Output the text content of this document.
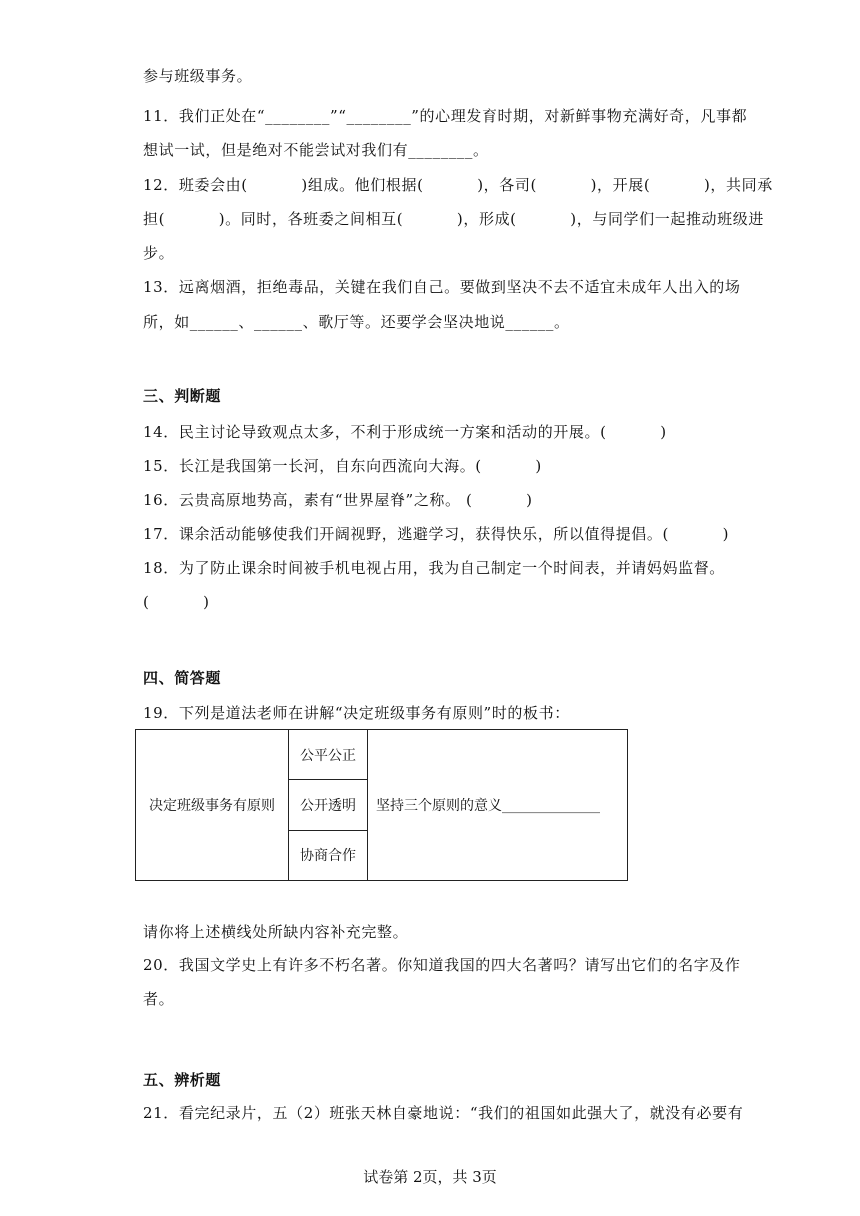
参与班级事务。
11．我们正处在“________”“________”的心理发育时期，对新鲜事物充满好奇，凡事都
想试一试，但是绝对不能尝试对我们有________。
12．班委会由(          )组成。他们根据(          )，各司(          )，开展(          )，共同承
担(          )。同时，各班委之间相互(          )，形成(          )，与同学们一起推动班级进
步。
13．远离烟酒，拒绝毒品，关键在我们自己。要做到坚决不去不适宜未成年人出入的场
所，如______、______、歌厅等。还要学会坚决地说______。
三、判断题
14．民主讨论导致观点太多，不利于形成统一方案和活动的开展。(          )
15．长江是我国第一长河，自东向西流向大海。(          )
16．云贵高原地势高，素有“世界屋脊”之称。 (          )
17．课余活动能够使我们开阔视野，逃避学习，获得快乐，所以值得提倡。(          )
18．为了防止课余时间被手机电视占用，我为自己制定一个时间表，并请妈妈监督。
(          )
四、简答题
19．下列是道法老师在讲解“决定班级事务有原则”时的板书：
决定班级事务有原则	公平公正	坚持三个原则的意义______________
公开透明
协商合作
请你将上述横线处所缺内容补充完整。
20．我国文学史上有许多不朽名著。你知道我国的四大名著吗？请写出它们的名字及作
者。
五、辨析题
21．看完纪录片，五（2）班张天林自豪地说：“我们的祖国如此强大了，就没有必要有
试卷第 2页，共 3页
